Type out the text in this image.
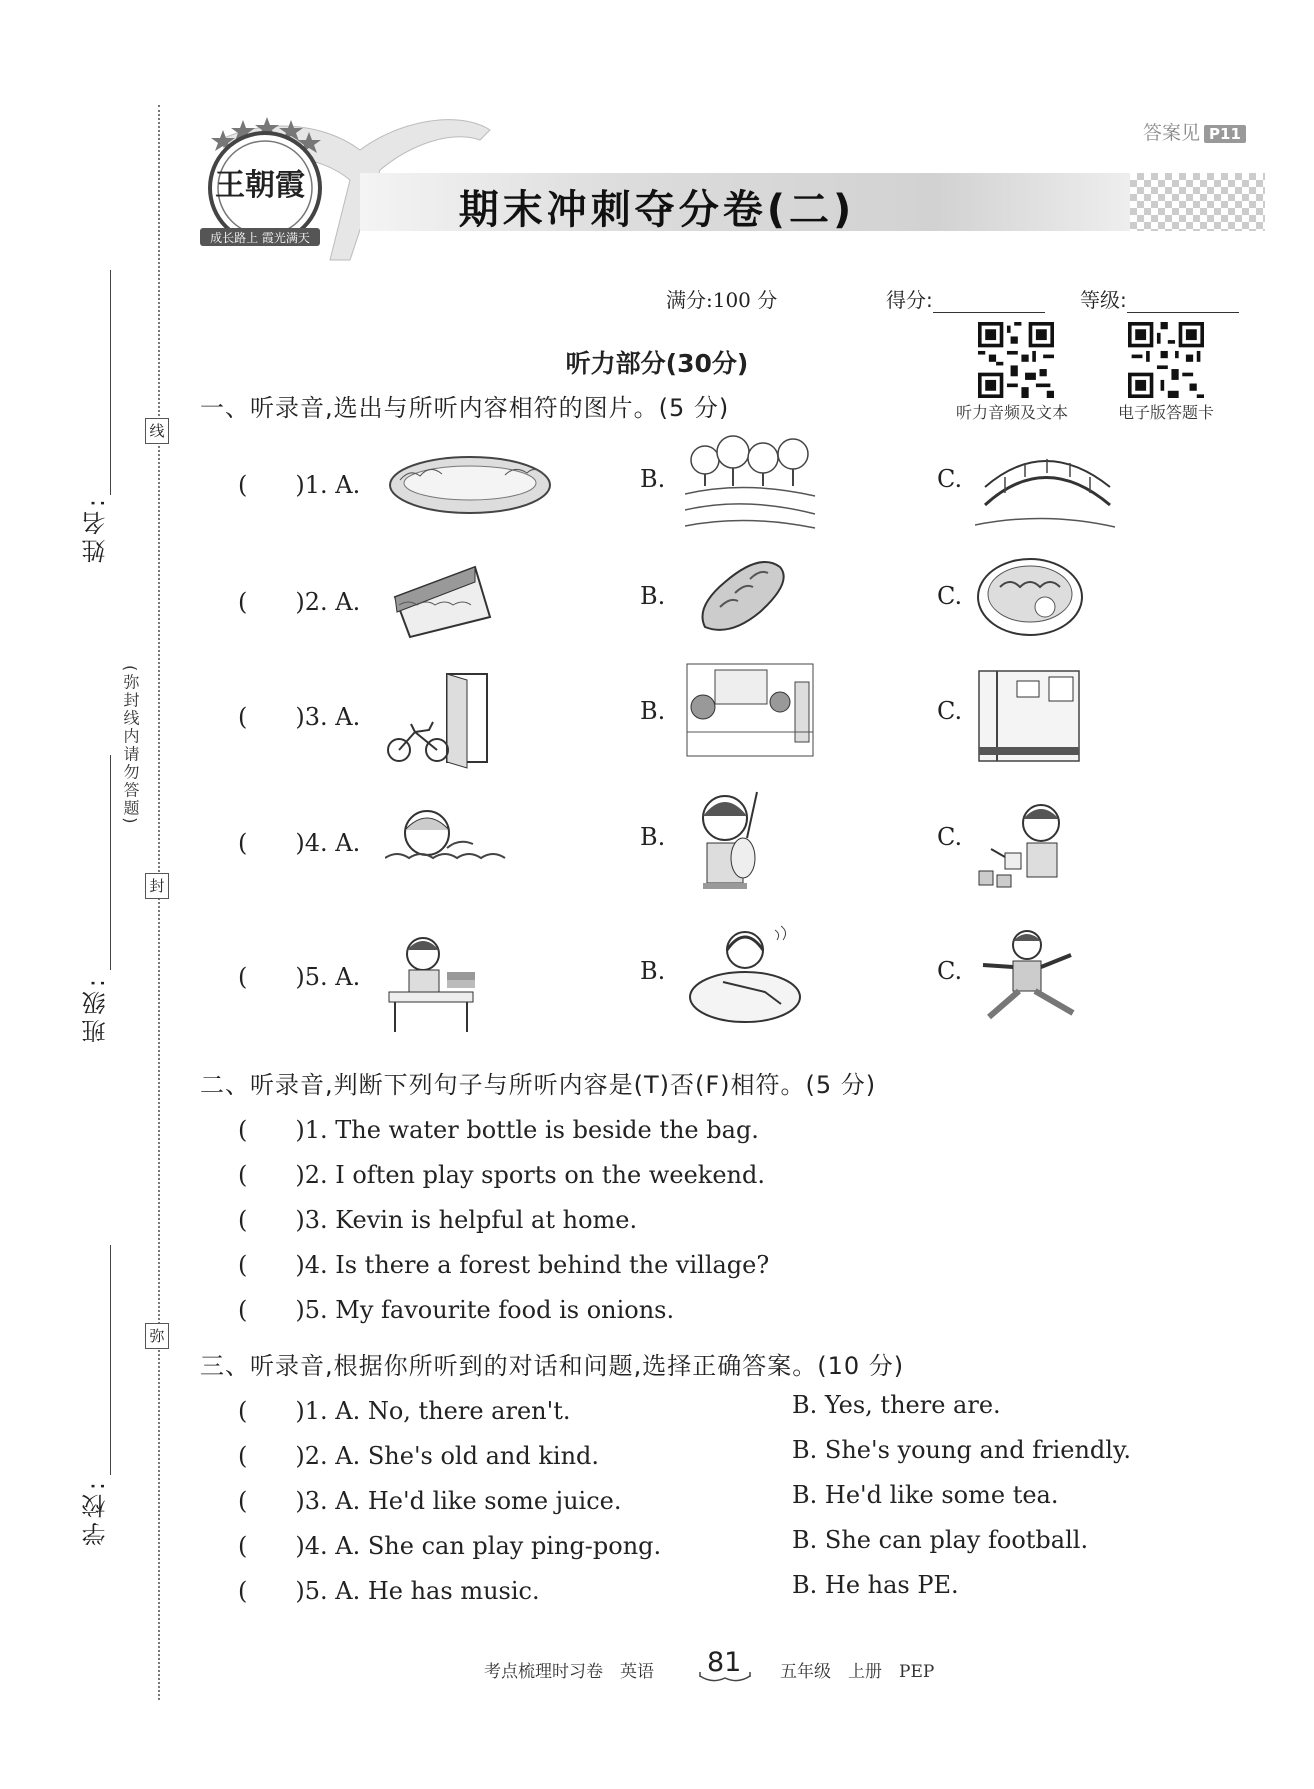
线
封
弥
姓名:
班级:
学校:
(弥封线内请勿答题)
答案见 P11
期末冲刺夺分卷(二)
王朝霞
成长路上 霞光满天
满分:100 分	得分:	等级:
听力音频及文本	电子版答题卡
听力部分(30分)
一、听录音,选出与所听内容相符的图片。(5 分)
(　　)1. A.	B.	C.
(　　)2. A.	B.	C.
(　　)3. A.	B.	C.
(　　)4. A.	B.	C.
(　　)5. A.	B.	C.
二、听录音,判断下列句子与所听内容是(T)否(F)相符。(5 分)
(　　)1. The water bottle is beside the bag.
(　　)2. I often play sports on the weekend.
(　　)3. Kevin is helpful at home.
(　　)4. Is there a forest behind the village?
(　　)5. My favourite food is onions.
三、听录音,根据你所听到的对话和问题,选择正确答案。(10 分)
(　　)1. A. No, there aren't.	B. Yes, there are.
(　　)2. A. She's old and kind.	B. She's young and friendly.
(　　)3. A. He'd like some juice.	B. He'd like some tea.
(　　)4. A. She can play ping-pong.	B. She can play football.
(　　)5. A. He has music.	B. He has PE.
考点梳理时习卷　英语 81 五年级　上册　PEP
